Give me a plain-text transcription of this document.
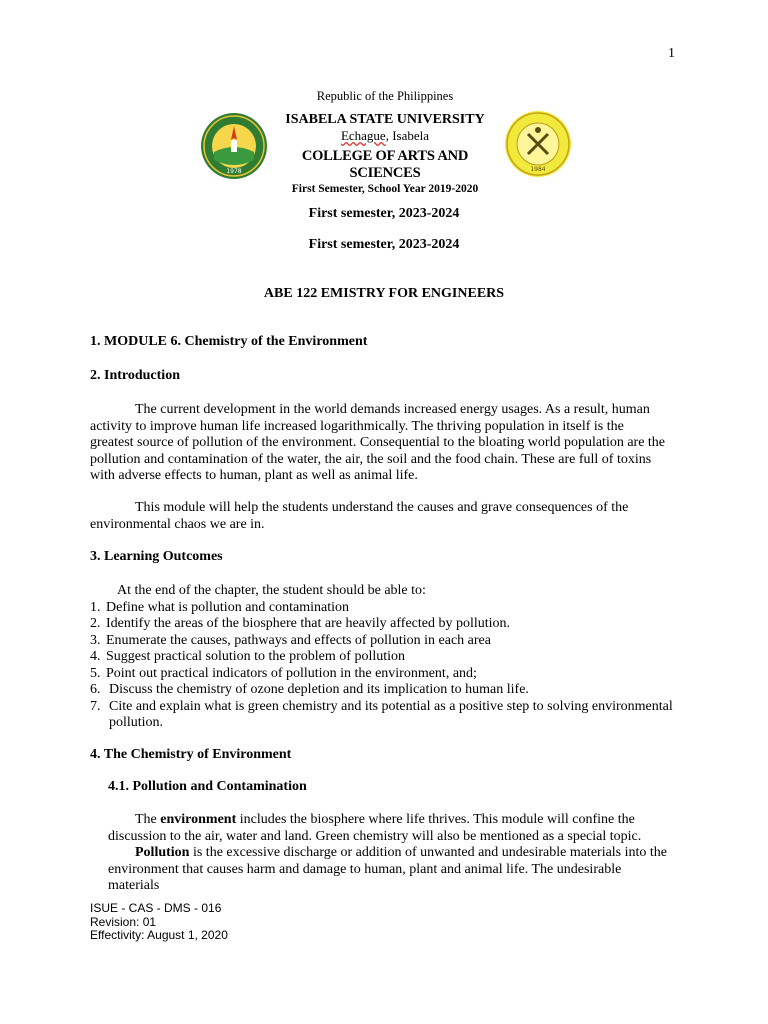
1
1978
Republic of the Philippines
ISABELA STATE UNIVERSITY
Echague, Isabela
COLLEGE OF ARTS AND SCIENCES
First Semester, School Year 2019-2020
1984
First semester, 2023-2024
First semester, 2023-2024
ABE 122 EMISTRY FOR ENGINEERS
1. MODULE 6. Chemistry of the Environment
2. Introduction
The current development in the world demands increased energy usages. As a result, human activity to improve human life increased logarithmically. The thriving population in itself is the greatest source of pollution of the environment. Consequential to the bloating world population are the pollution and contamination of the water, the air, the soil and the food chain. These are full of toxins with adverse effects to human, plant as well as animal life.
This module will help the students understand the causes and grave consequences of the environmental chaos we are in.
3. Learning Outcomes
At the end of the chapter, the student should be able to:
1. Define what is pollution and contamination
2. Identify the areas of the biosphere that are heavily affected by pollution.
3. Enumerate the causes, pathways and effects of pollution in each area
4. Suggest practical solution to the problem of pollution
5. Point out practical indicators of pollution in the environment, and;
6. Discuss the chemistry of ozone depletion and its implication to human life.
7. Cite and explain what is green chemistry and its potential as a positive step to solving environmental pollution.
4. The Chemistry of Environment
4.1. Pollution and Contamination
The environment includes the biosphere where life thrives. This module will confine the discussion to the air, water and land. Green chemistry will also be mentioned as a special topic.
Pollution is the excessive discharge or addition of unwanted and undesirable materials into the environment that causes harm and damage to human, plant and animal life. The undesirable materials
ISUE - CAS - DMS - 016
Revision: 01
Effectivity: August 1, 2020
